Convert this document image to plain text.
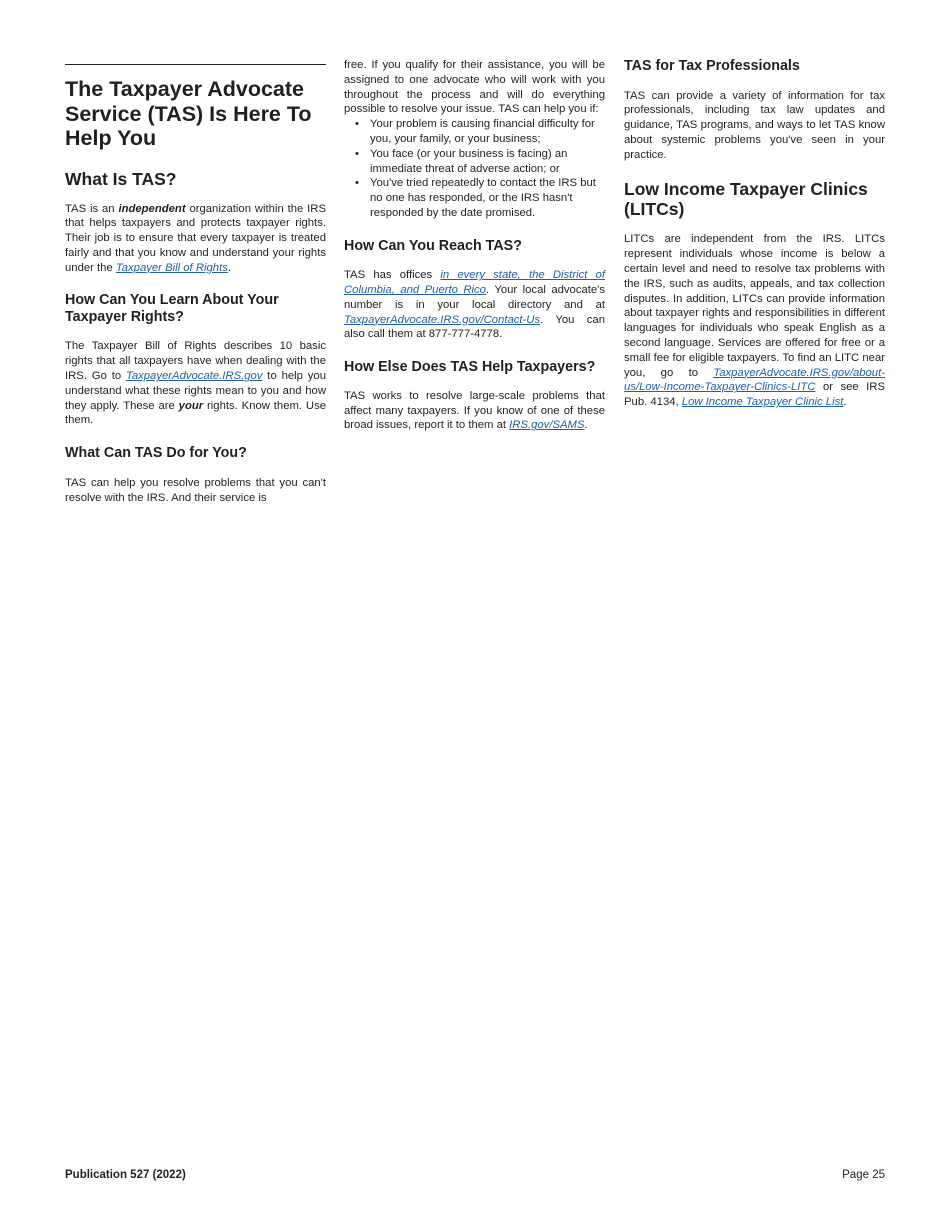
The Taxpayer Advocate Service (TAS) Is Here To Help You
What Is TAS?

TAS is an independent organization within the IRS that helps taxpayers and protects taxpayer rights. Their job is to ensure that every taxpayer is treated fairly and that you know and understand your rights under the Taxpayer Bill of Rights.

How Can You Learn About Your Taxpayer Rights?

The Taxpayer Bill of Rights describes 10 basic rights that all taxpayers have when dealing with the IRS. Go to TaxpayerAdvocate.IRS.gov to help you understand what these rights mean to you and how they apply. These are your rights. Know them. Use them.

What Can TAS Do for You?

TAS can help you resolve problems that you can't resolve with the IRS. And their service is

free. If you qualify for their assistance, you will be assigned to one advocate who will work with you throughout the process and will do everything possible to resolve your issue. TAS can help you if:

• Your problem is causing financial difficulty for you, your family, or your business;
• You face (or your business is facing) an immediate threat of adverse action; or
• You've tried repeatedly to contact the IRS but no one has responded, or the IRS hasn't responded by the date promised.
How Can You Reach TAS?

TAS has offices in every state, the District of Columbia, and Puerto Rico. Your local advocate's number is in your local directory and at TaxpayerAdvocate.IRS.gov/Contact-Us. You can also call them at 877-777-4778.

How Else Does TAS Help Taxpayers?

TAS works to resolve large-scale problems that affect many taxpayers. If you know of one of these broad issues, report it to them at IRS.gov/SAMS.

TAS for Tax Professionals

TAS can provide a variety of information for tax professionals, including tax law updates and guidance, TAS programs, and ways to let TAS know about systemic problems you've seen in your practice.

Low Income Taxpayer Clinics (LITCs)

LITCs are independent from the IRS. LITCs represent individuals whose income is below a certain level and need to resolve tax problems with the IRS, such as audits, appeals, and tax collection disputes. In addition, LITCs can provide information about taxpayer rights and responsibilities in different languages for individuals who speak English as a second language. Services are offered for free or a small fee for eligible taxpayers. To find an LITC near you, go to TaxpayerAdvocate.IRS.gov/about-us/Low-Income-Taxpayer-Clinics-LITC or see IRS Pub. 4134, Low Income Taxpayer Clinic List.

Publication 527 (2022)	Page 25
